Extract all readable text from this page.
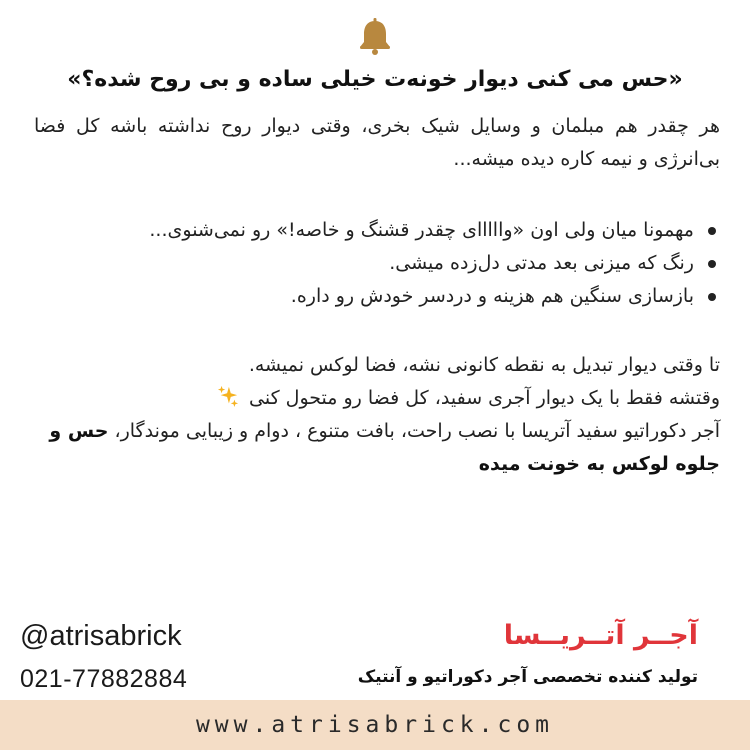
«حس می کنی دیوار خونه‌ت خیلی ساده و بی روح شده؟»

هر چقدر هم مبلمان و وسایل شیک بخری، وقتی دیوار روح نداشته باشه کل فضا بی‌انرژی و نیمه کاره دیده میشه...

مهمونا میان ولی اون «وااااای چقدر قشنگ و خاصه!» رو نمی‌شنوی...
رنگ که میزنی بعد مدتی دل‌زده میشی.
بازسازی سنگین هم هزینه و دردسر خودش رو داره.
تا وقتی دیوار تبدیل به نقطه کانونی نشه، فضا لوکس نمیشه.
وقتشه فقط با یک دیوار آجری سفید، کل فضا رو متحول کنی
آجر دکوراتیو سفید آتریسا با نصب راحت، بافت متنوع ، دوام و زیبایی موندگار، حس و جلوه لوکس به خونت میده
آجــر آتــریــسا
تولید کننده تخصصی آجر دکوراتیو و آنتیک
@atrisabrick
021-77882884
www.atrisabrick.com
